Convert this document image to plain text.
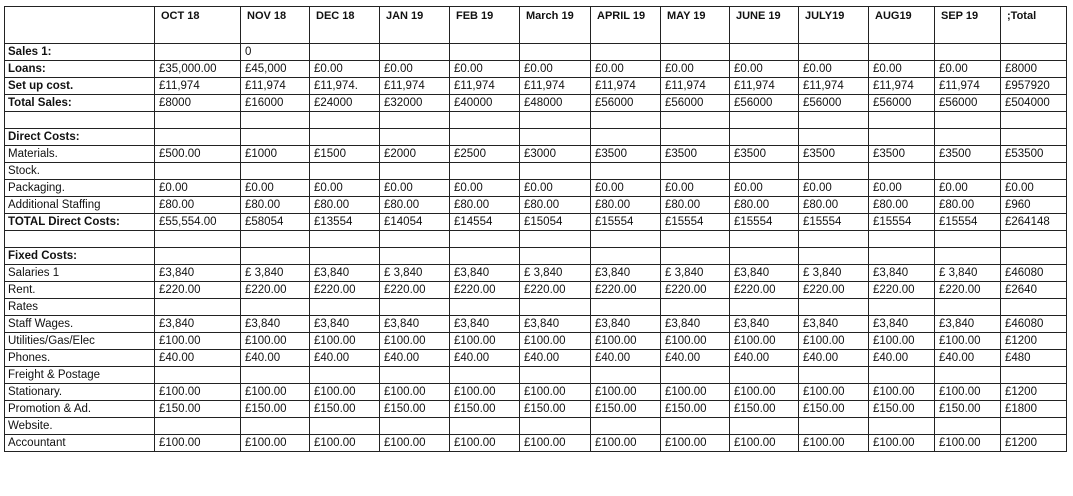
	OCT 18	NOV 18	DEC 18	JAN 19	FEB 19	March 19	APRIL 19	MAY 19	JUNE 19	JULY19	AUG19	SEP 19	;Total
Sales 1:		0											
Loans:	£35,000.00	£45,000	£0.00	£0.00	£0.00	£0.00	£0.00	£0.00	£0.00	£0.00	£0.00	£0.00	£8000
Set up cost.	£11,974	£11,974	£11,974.	£11,974	£11,974	£11,974	£11,974	£11,974	£11,974	£11,974	£11,974	£11,974	£957920
Total Sales:	£8000	£16000	£24000	£32000	£40000	£48000	£56000	£56000	£56000	£56000	£56000	£56000	£504000

Direct Costs:													
Materials.	£500.00	£1000	£1500	£2000	£2500	£3000	£3500	£3500	£3500	£3500	£3500	£3500	£53500
Stock.													
Packaging.	£0.00	£0.00	£0.00	£0.00	£0.00	£0.00	£0.00	£0.00	£0.00	£0.00	£0.00	£0.00	£0.00
Additional Staffing	£80.00	£80.00	£80.00	£80.00	£80.00	£80.00	£80.00	£80.00	£80.00	£80.00	£80.00	£80.00	£960
TOTAL Direct Costs:	£55,554.00	£58054	£13554	£14054	£14554	£15054	£15554	£15554	£15554	£15554	£15554	£15554	£264148

Fixed Costs:													
Salaries 1	£3,840	£ 3,840	£3,840	£ 3,840	£3,840	£ 3,840	£3,840	£ 3,840	£3,840	£ 3,840	£3,840	£ 3,840	£46080
Rent.	£220.00	£220.00	£220.00	£220.00	£220.00	£220.00	£220.00	£220.00	£220.00	£220.00	£220.00	£220.00	£2640
Rates													
Staff Wages.	£3,840	£3,840	£3,840	£3,840	£3,840	£3,840	£3,840	£3,840	£3,840	£3,840	£3,840	£3,840	£46080
Utilities/Gas/Elec	£100.00	£100.00	£100.00	£100.00	£100.00	£100.00	£100.00	£100.00	£100.00	£100.00	£100.00	£100.00	£1200
Phones.	£40.00	£40.00	£40.00	£40.00	£40.00	£40.00	£40.00	£40.00	£40.00	£40.00	£40.00	£40.00	£480
Freight & Postage													
Stationary.	£100.00	£100.00	£100.00	£100.00	£100.00	£100.00	£100.00	£100.00	£100.00	£100.00	£100.00	£100.00	£1200
Promotion & Ad.	£150.00	£150.00	£150.00	£150.00	£150.00	£150.00	£150.00	£150.00	£150.00	£150.00	£150.00	£150.00	£1800
Website.													
Accountant	£100.00	£100.00	£100.00	£100.00	£100.00	£100.00	£100.00	£100.00	£100.00	£100.00	£100.00	£100.00	£1200
